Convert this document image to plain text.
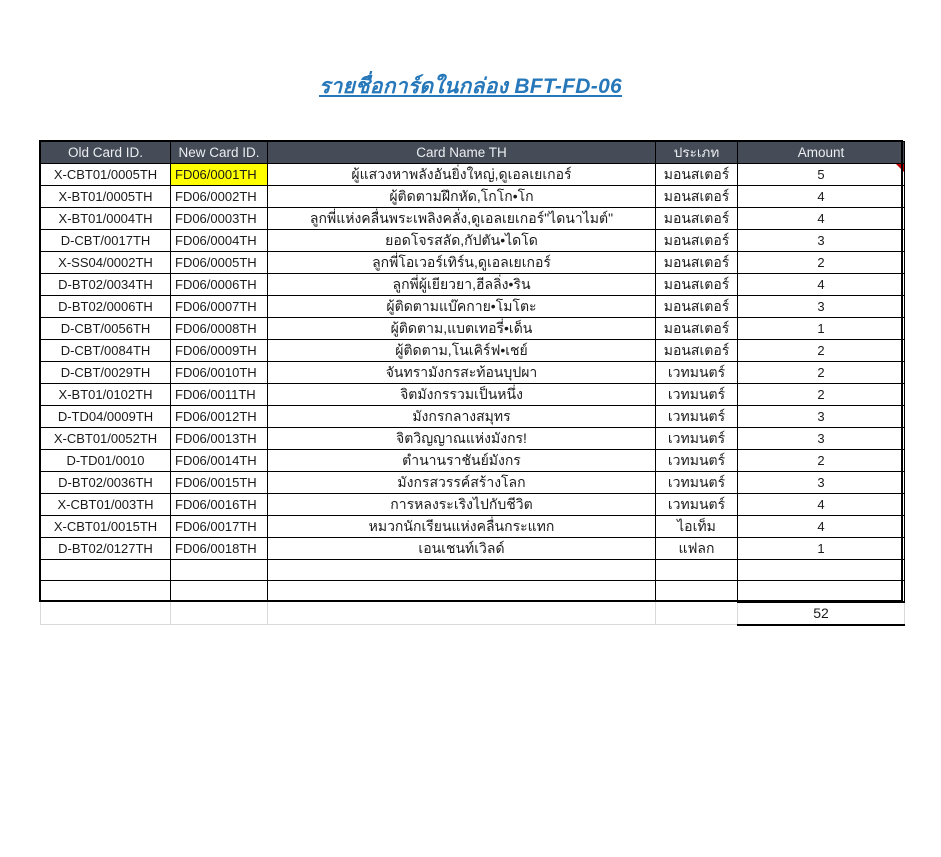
รายชื่อการ์ดในกล่อง BFT-FD-06
Old Card ID.	New Card ID.	Card Name TH	ประเภท	Amount
X-CBT01/0005TH	FD06/0001TH	ผู้แสวงหาพลังอันยิ่งใหญ่,ดูเอลเยเกอร์	มอนสเตอร์	5

X-BT01/0005TH	FD06/0002TH	ผู้ติดตามฝึกหัด,โกโก•โก	มอนสเตอร์	4
X-BT01/0004TH	FD06/0003TH	ลูกพี่แห่งคลื่นพระเพลิงคลั่ง,ดูเอลเยเกอร์"ไดนาไมต์"	มอนสเตอร์	4
D-CBT/0017TH	FD06/0004TH	ยอดโจรสลัด,กัปตัน•ไดโด	มอนสเตอร์	3
X-SS04/0002TH	FD06/0005TH	ลูกพี่โอเวอร์เทิร์น,ดูเอลเยเกอร์	มอนสเตอร์	2
D-BT02/0034TH	FD06/0006TH	ลูกพี่ผู้เยียวยา,ฮีลลิ่ง•ริน	มอนสเตอร์	4
D-BT02/0006TH	FD06/0007TH	ผู้ติดตามแบ๊คกาย•โมโตะ	มอนสเตอร์	3
D-CBT/0056TH	FD06/0008TH	ผู้ติดตาม,แบตเทอรี่•เด็น	มอนสเตอร์	1
D-CBT/0084TH	FD06/0009TH	ผู้ติดตาม,โนเคิร์ฟ•เชย์	มอนสเตอร์	2
D-CBT/0029TH	FD06/0010TH	จันทรามังกรสะท้อนบุปผา	เวทมนตร์	2
X-BT01/0102TH	FD06/0011TH	จิตมังกรรวมเป็นหนึ่ง	เวทมนตร์	2
D-TD04/0009TH	FD06/0012TH	มังกรกลางสมุทร	เวทมนตร์	3
X-CBT01/0052TH	FD06/0013TH	จิตวิญญาณแห่งมังกร!	เวทมนตร์	3
D-TD01/0010	FD06/0014TH	ตำนานราชันย์มังกร	เวทมนตร์	2
D-BT02/0036TH	FD06/0015TH	มังกรสวรรค์สร้างโลก	เวทมนตร์	3
X-CBT01/003TH	FD06/0016TH	การหลงระเริงไปกับชีวิต	เวทมนตร์	4
X-CBT01/0015TH	FD06/0017TH	หมวกนักเรียนแห่งคลื่นกระแทก	ไอเท็ม	4
D-BT02/0127TH	FD06/0018TH	เอนเชนท์เวิลด์	แฟลก	1

				52
